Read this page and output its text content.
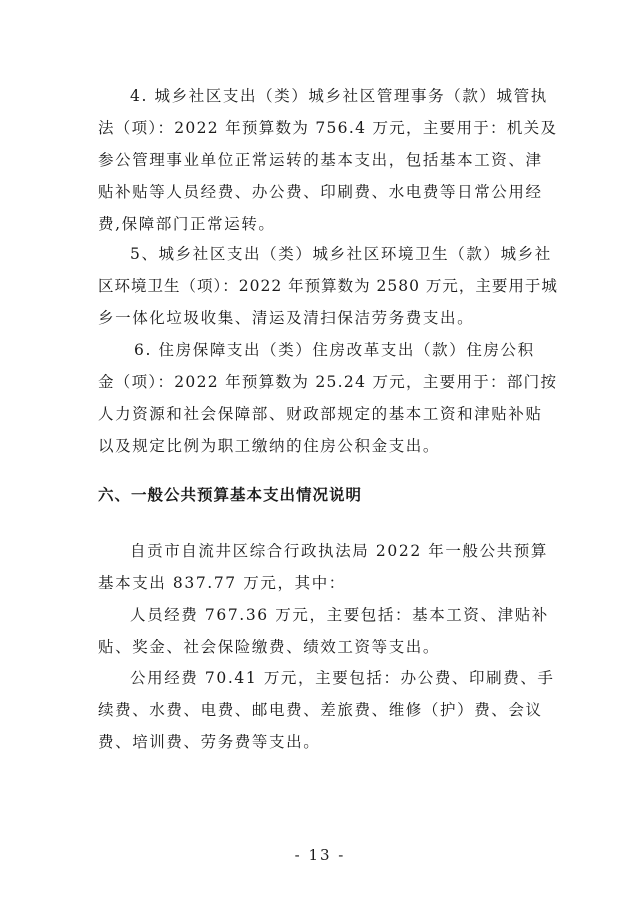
4. 城乡社区支出（类）城乡社区管理事务（款）城管执
法（项）：2022 年预算数为 756.4 万元，主要用于：机关及
参公管理事业单位正常运转的基本支出，包括基本工资、津
贴补贴等人员经费、办公费、印刷费、水电费等日常公用经
费,保障部门正常运转。
5、城乡社区支出（类）城乡社区环境卫生（款）城乡社
区环境卫生（项）：2022 年预算数为 2580 万元，主要用于城
乡一体化垃圾收集、清运及清扫保洁劳务费支出。
6. 住房保障支出（类）住房改革支出（款）住房公积
金（项）：2022 年预算数为 25.24 万元，主要用于：部门按
人力资源和社会保障部、财政部规定的基本工资和津贴补贴
以及规定比例为职工缴纳的住房公积金支出。
六、一般公共预算基本支出情况说明
自贡市自流井区综合行政执法局 2022 年一般公共预算
基本支出 837.77 万元，其中：
人员经费 767.36 万元，主要包括：基本工资、津贴补
贴、奖金、社会保险缴费、绩效工资等支出。
公用经费 70.41 万元，主要包括：办公费、印刷费、手
续费、水费、电费、邮电费、差旅费、维修（护）费、会议
费、培训费、劳务费等支出。
- 13 -
